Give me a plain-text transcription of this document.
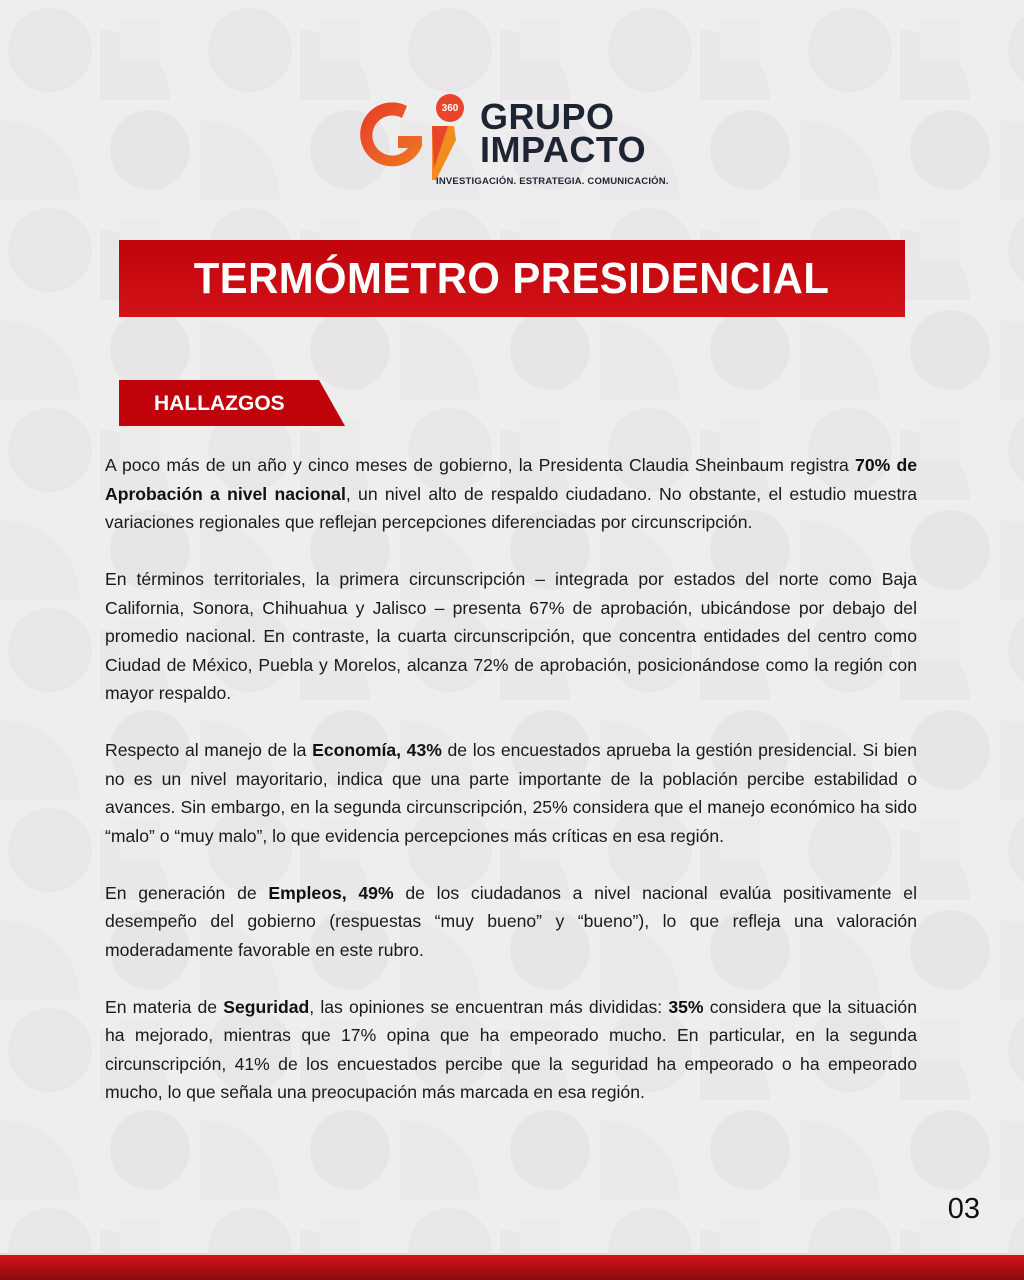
360 GRUPO
IMPACTO
INVESTIGACIÓN. ESTRATEGIA. COMUNICACIÓN.
TERMÓMETRO PRESIDENCIAL
HALLAZGOS

A poco más de un año y cinco meses de gobierno, la Presidenta Claudia Sheinbaum registra 70% de Aprobación a nivel nacional, un nivel alto de respaldo ciudadano. No obstante, el estudio muestra variaciones regionales que reflejan percepciones diferenciadas por circunscripción.

En términos territoriales, la primera circunscripción – integrada por estados del norte como Baja California, Sonora, Chihuahua y Jalisco – presenta 67% de aprobación, ubicándose por debajo del promedio nacional. En contraste, la cuarta circunscripción, que concentra entidades del centro como Ciudad de México, Puebla y Morelos, alcanza 72% de aprobación, posicionándose como la región con mayor respaldo.

Respecto al manejo de la Economía, 43% de los encuestados aprueba la gestión presidencial. Si bien no es un nivel mayoritario, indica que una parte importante de la población percibe estabilidad o avances. Sin embargo, en la segunda circunscripción, 25% considera que el manejo económico ha sido “malo” o “muy malo”, lo que evidencia percepciones más críticas en esa región.

En generación de Empleos, 49% de los ciudadanos a nivel nacional evalúa positivamente el desempeño del gobierno (respuestas “muy bueno” y “bueno”), lo que refleja una valoración moderadamente favorable en este rubro.

En materia de Seguridad, las opiniones se encuentran más divididas: 35% considera que la situación ha mejorado, mientras que 17% opina que ha empeorado mucho. En particular, en la segunda circunscripción, 41% de los encuestados percibe que la seguridad ha empeorado o ha empeorado mucho, lo que señala una preocupación más marcada en esa región.

03
